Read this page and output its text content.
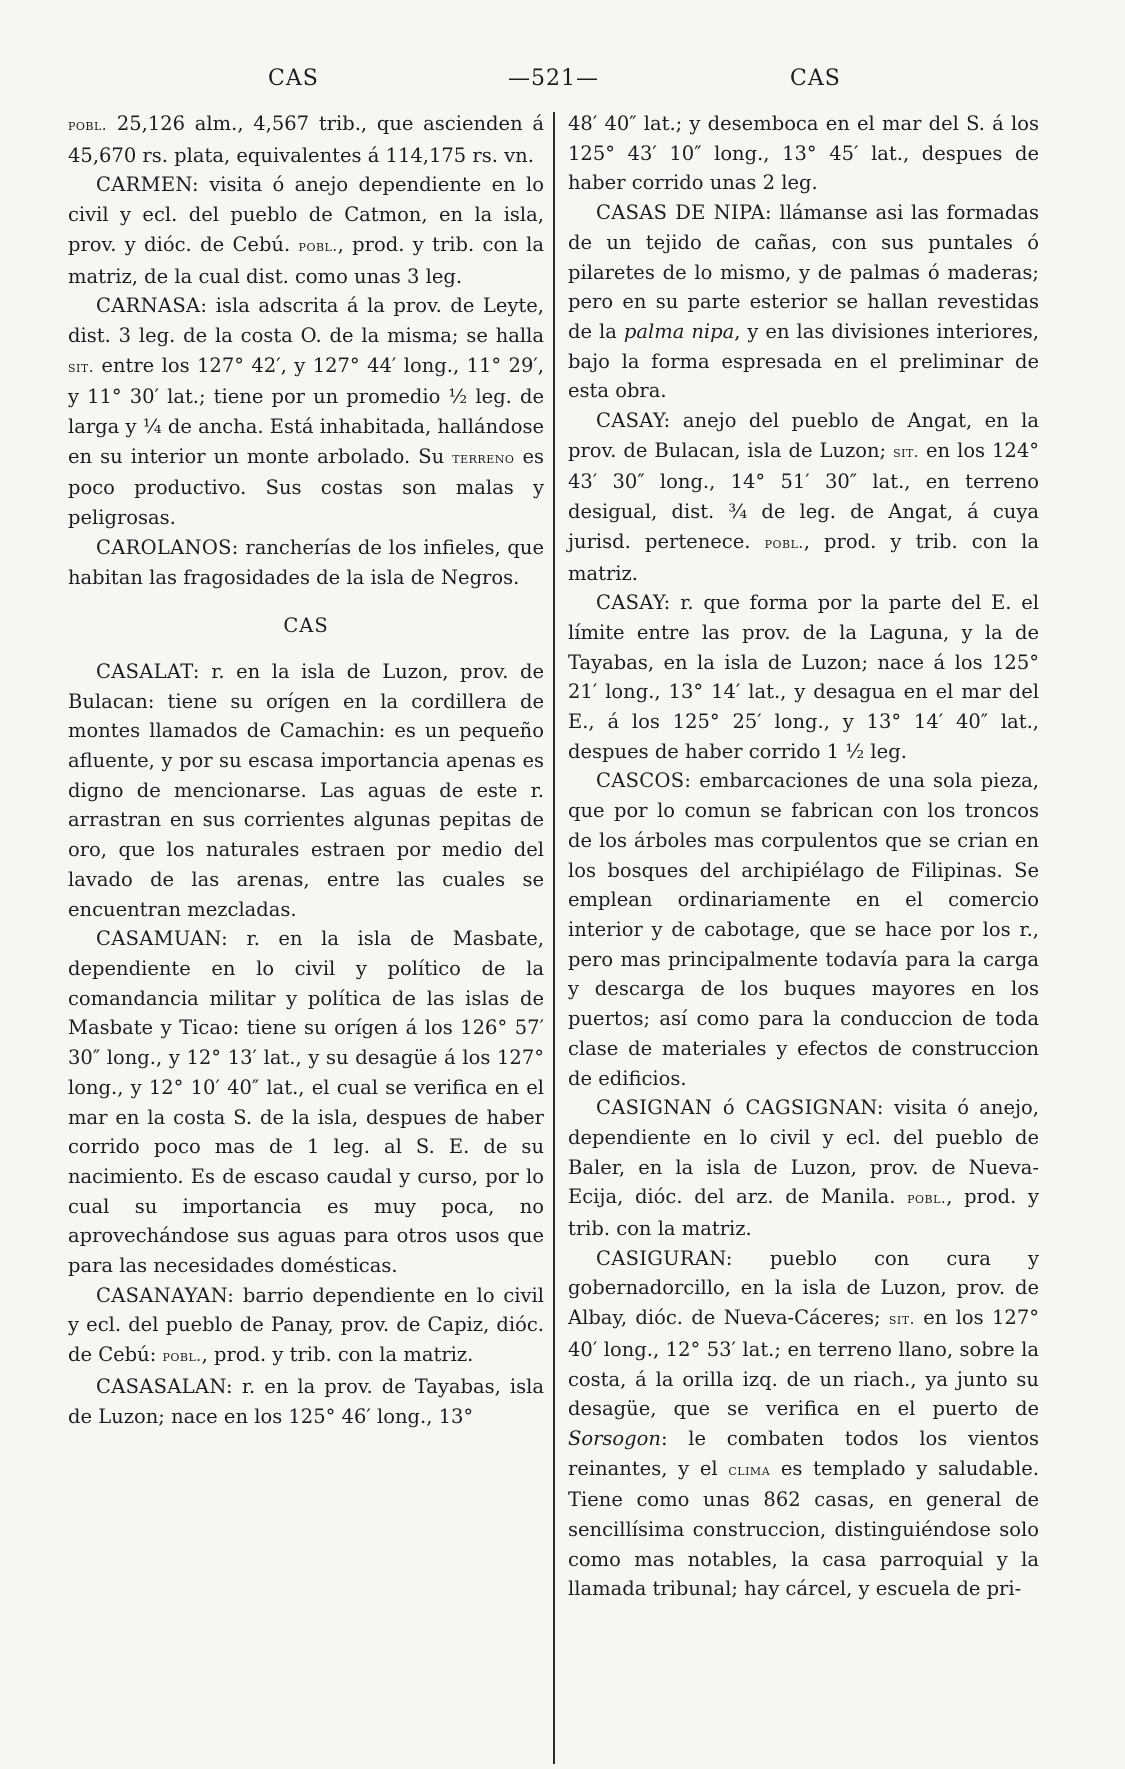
CAS	—521—	CAS

pobl. 25,126 alm., 4,567 trib., que ascienden á 45,670 rs. plata, equivalentes á 114,175 rs. vn.

CARMEN: visita ó anejo dependiente en lo civil y ecl. del pueblo de Catmon, en la isla, prov. y dióc. de Cebú. pobl., prod. y trib. con la matriz, de la cual dist. como unas 3 leg.

CARNASA: isla adscrita á la prov. de Leyte, dist. 3 leg. de la costa O. de la misma; se halla sit. entre los 127° 42′, y 127° 44′ long., 11° 29′, y 11° 30′ lat.; tiene por un promedio ½ leg. de larga y ¼ de ancha. Está inhabitada, hallándose en su interior un monte arbolado. Su terreno es poco productivo. Sus costas son malas y peligrosas.

CAROLANOS: rancherías de los infieles, que habitan las fragosidades de la isla de Negros.

CAS

CASALAT: r. en la isla de Luzon, prov. de Bulacan: tiene su orígen en la cordillera de montes llamados de Camachin: es un pequeño afluente, y por su escasa importancia apenas es digno de mencionarse. Las aguas de este r. arrastran en sus corrientes algunas pepitas de oro, que los naturales estraen por medio del lavado de las arenas, entre las cuales se encuentran mezcladas.

CASAMUAN: r. en la isla de Masbate, dependiente en lo civil y político de la comandancia militar y política de las islas de Masbate y Ticao: tiene su orígen á los 126° 57′ 30″ long., y 12° 13′ lat., y su desagüe á los 127° long., y 12° 10′ 40″ lat., el cual se verifica en el mar en la costa S. de la isla, despues de haber corrido poco mas de 1 leg. al S. E. de su nacimiento. Es de escaso caudal y curso, por lo cual su importancia es muy poca, no aprovechándose sus aguas para otros usos que para las necesidades domésticas.

CASANAYAN: barrio dependiente en lo civil y ecl. del pueblo de Panay, prov. de Capiz, dióc. de Cebú: pobl., prod. y trib. con la matriz.

CASASALAN: r. en la prov. de Tayabas, isla de Luzon; nace en los 125° 46′ long., 13°

48′ 40″ lat.; y desemboca en el mar del S. á los 125° 43′ 10″ long., 13° 45′ lat., despues de haber corrido unas 2 leg.

CASAS DE NIPA: llámanse asi las formadas de un tejido de cañas, con sus puntales ó pilaretes de lo mismo, y de palmas ó maderas; pero en su parte esterior se hallan revestidas de la palma nipa, y en las divisiones interiores, bajo la forma espresada en el preliminar de esta obra.

CASAY: anejo del pueblo de Angat, en la prov. de Bulacan, isla de Luzon; sit. en los 124° 43′ 30″ long., 14° 51′ 30″ lat., en terreno desigual, dist. ¾ de leg. de Angat, á cuya jurisd. pertenece. pobl., prod. y trib. con la matriz.

CASAY: r. que forma por la parte del E. el límite entre las prov. de la Laguna, y la de Tayabas, en la isla de Luzon; nace á los 125° 21′ long., 13° 14′ lat., y desagua en el mar del E., á los 125° 25′ long., y 13° 14′ 40″ lat., despues de haber corrido 1 ½ leg.

CASCOS: embarcaciones de una sola pieza, que por lo comun se fabrican con los troncos de los árboles mas corpulentos que se crian en los bosques del archipiélago de Filipinas. Se emplean ordinariamente en el comercio interior y de cabotage, que se hace por los r., pero mas principalmente todavía para la carga y descarga de los buques mayores en los puertos; así como para la conduccion de toda clase de materiales y efectos de construccion de edificios.

CASIGNAN ó CAGSIGNAN: visita ó anejo, dependiente en lo civil y ecl. del pueblo de Baler, en la isla de Luzon, prov. de Nueva-Ecija, dióc. del arz. de Manila. pobl., prod. y trib. con la matriz.

CASIGURAN: pueblo con cura y gobernadorcillo, en la isla de Luzon, prov. de Albay, dióc. de Nueva-Cáceres; sit. en los 127° 40′ long., 12° 53′ lat.; en terreno llano, sobre la costa, á la orilla izq. de un riach., ya junto su desagüe, que se verifica en el puerto de Sorsogon: le combaten todos los vientos reinantes, y el clima es templado y saludable. Tiene como unas 862 casas, en general de sencillísima construccion, distinguiéndose solo como mas notables, la casa parroquial y la llamada tribunal; hay cárcel, y escuela de pri-
